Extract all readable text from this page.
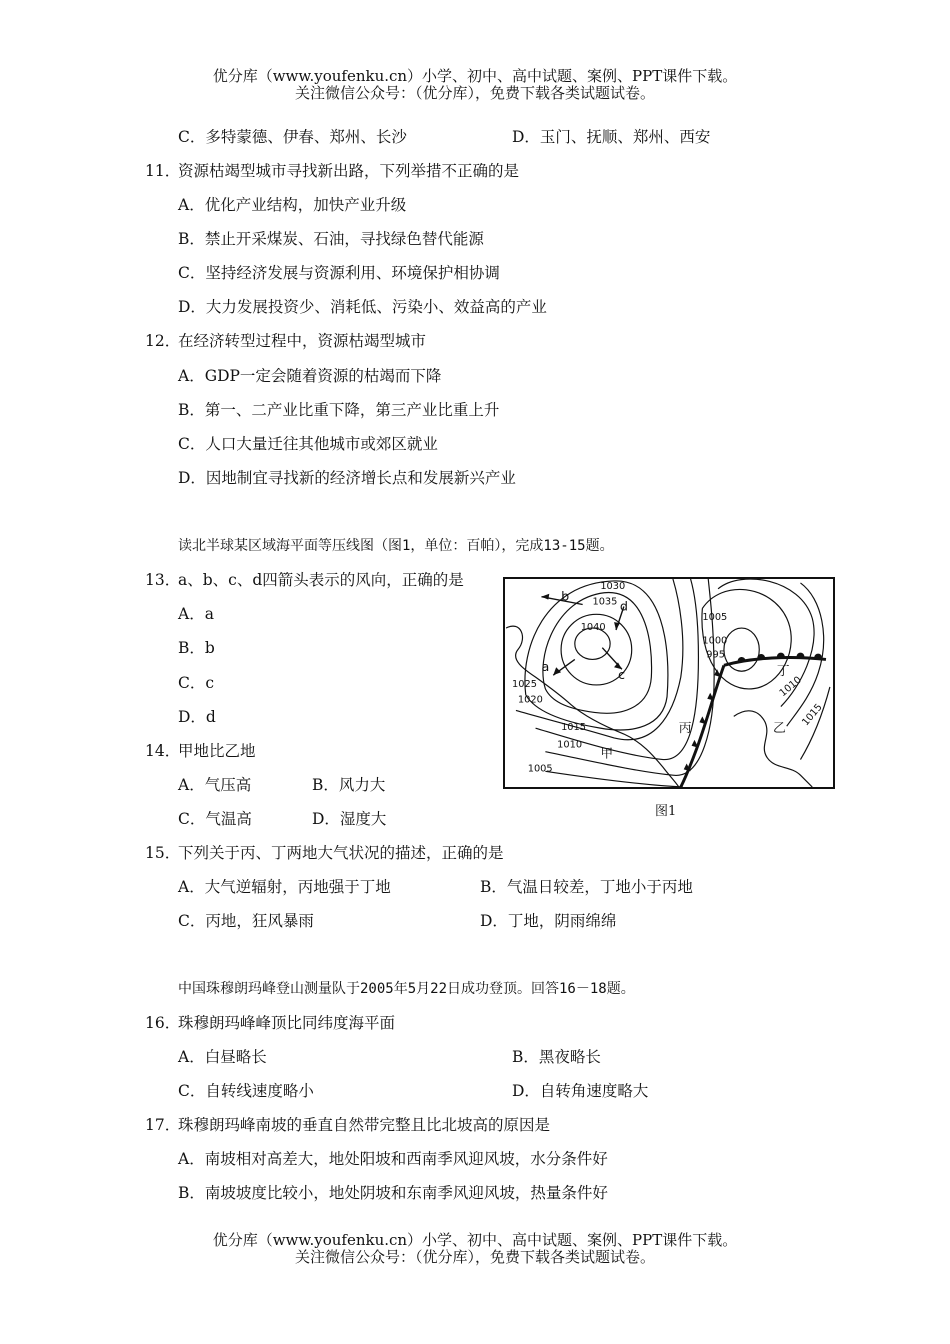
优分库（www.youfenku.cn）小学、初中、高中试题、案例、PPT课件下载。
关注微信公众号：（优分库），免费下载各类试题试卷。
C．多特蒙德、伊春、郑州、长沙	D．玉门、抚顺、郑州、西安
11．
资源枯竭型城市寻找新出路，下列举措不正确的是
A．优化产业结构，加快产业升级
B．禁止开采煤炭、石油，寻找绿色替代能源
C．坚持经济发展与资源利用、环境保护相协调
D．大力发展投资少、消耗低、污染小、效益高的产业
12．
在经济转型过程中，资源枯竭型城市
A．GDP一定会随着资源的枯竭而下降
B．第一、二产业比重下降，第三产业比重上升
C．人口大量迁往其他城市或郊区就业
D．因地制宜寻找新的经济增长点和发展新兴产业
读北半球某区域海平面等压线图（图1，单位：百帕），完成13-15题。
13．
a、b、c、d四箭头表示的风向，正确的是
A．a
B．b
C．c
D．d
14．
甲地比乙地
A．气压高	B．风力大
C．气温高	D．湿度大
1030
1035
1040
1025
1020
1015
1010
1005
1005
1000
995
1010
1015
a
b
c
d
甲
乙
丙
丁
图1
15．
下列关于丙、丁两地大气状况的描述，正确的是
A．大气逆辐射，丙地强于丁地	B．气温日较差，丁地小于丙地
C．丙地，狂风暴雨	D．丁地，阴雨绵绵
中国珠穆朗玛峰登山测量队于2005年5月22日成功登顶。回答16－18题。
16．
珠穆朗玛峰峰顶比同纬度海平面
A．白昼略长	B．黑夜略长
C．自转线速度略小	D．自转角速度略大
17．
珠穆朗玛峰南坡的垂直自然带完整且比北坡高的原因是
A．南坡相对高差大，地处阳坡和西南季风迎风坡，水分条件好
B．南坡坡度比较小，地处阴坡和东南季风迎风坡，热量条件好
优分库（www.youfenku.cn）小学、初中、高中试题、案例、PPT课件下载。
关注微信公众号：（优分库），免费下载各类试题试卷。
